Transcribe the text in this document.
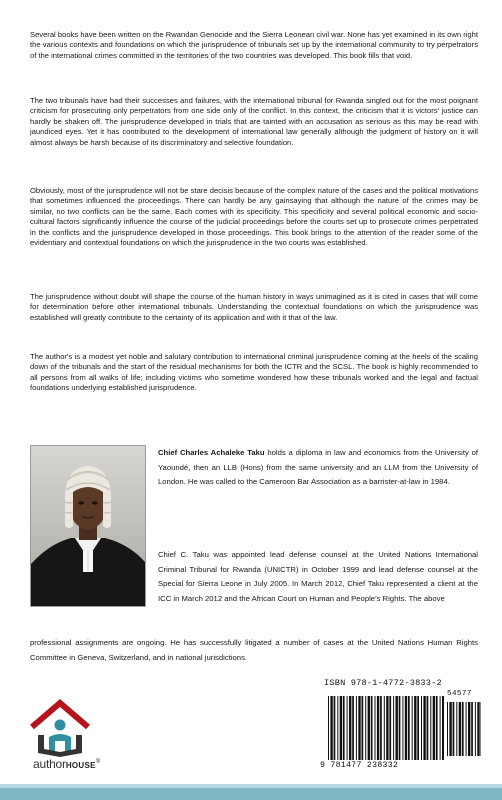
Several books have been written on the Rwandan Genocide and the Sierra Leonean civil war. None has yet examined in its own right the various contexts and foundations on which the jurisprudence of tribunals set up by the international community to try perpetrators of the international crimes committed in the territories of the two countries was developed. This book fills that void.

The two tribunals have had their successes and failures, with the international tribunal for Rwanda singled out for the most poignant criticism for prosecuting only perpetrators from one side only of the conflict. In this context, the criticism that it is victors' justice can hardly be shaken off. The jurisprudence developed in trials that are tainted with an accusation as serious as this may be read with jaundiced eyes. Yet it has contributed to the development of international law generally although the judgment of history on it will almost always be harsh because of its discriminatory and selective foundation.

Obviously, most of the jurisprudence will not be stare decisis because of the complex nature of the cases and the political motivations that sometimes influenced the proceedings. There can hardly be any gainsaying that although the nature of the crimes may be similar, no two conflicts can be the same. Each comes with its specificity. This specificity and several political economic and socio-cultural factors significantly influence the course of the judicial proceedings before the courts set up to prosecute crimes perpetrated in the conflicts and the jurisprudence developed in those proceedings. This book brings to the attention of the reader some of the evidentiary and contextual foundations on which the jurisprudence in the two courts was established.

The jurisprudence without doubt will shape the course of the human history in ways unimagined as it is cited in cases that will come for determination before other international tribunals. Understanding the contextual foundations on which the jurisprudence was established will greatly contribute to the certainty of its application and with it that of the law.

The author's is a modest yet noble and salutary contribution to international criminal jurisprudence coming at the heels of the scaling down of the tribunals and the start of the residual mechanisms for both the ICTR and the SCSL. The book is highly recommended to all persons from all walks of life; including victims who sometime wondered how these tribunals worked and the legal and factual foundations underlying established jurisprudence.

Chief Charles Achaleke Taku holds a diploma in law and economics from the University of Yaoundé, then an LLB (Hons) from the same university and an LLM from the University of London. He was called to the Cameroon Bar Association as a barrister-at-law in 1984.

Chief C. Taku was appointed lead defense counsel at the United Nations International Criminal Tribunal for Rwanda (UNICTR) in October 1999 and lead defense counsel at the Special for Sierra Leone in July 2005. In March 2012, Chief Taku represented a client at the ICC in March 2012 and the African Court on Human and People's Rights. The above

professional assignments are ongoing. He has successfully litigated a number of cases at the United Nations Human Rights Committee in Geneva, Switzerland, and in national jurisdictions.

authorHOUSE®
ISBN 978-1-4772-3833-2
54577
9 781477 238332
